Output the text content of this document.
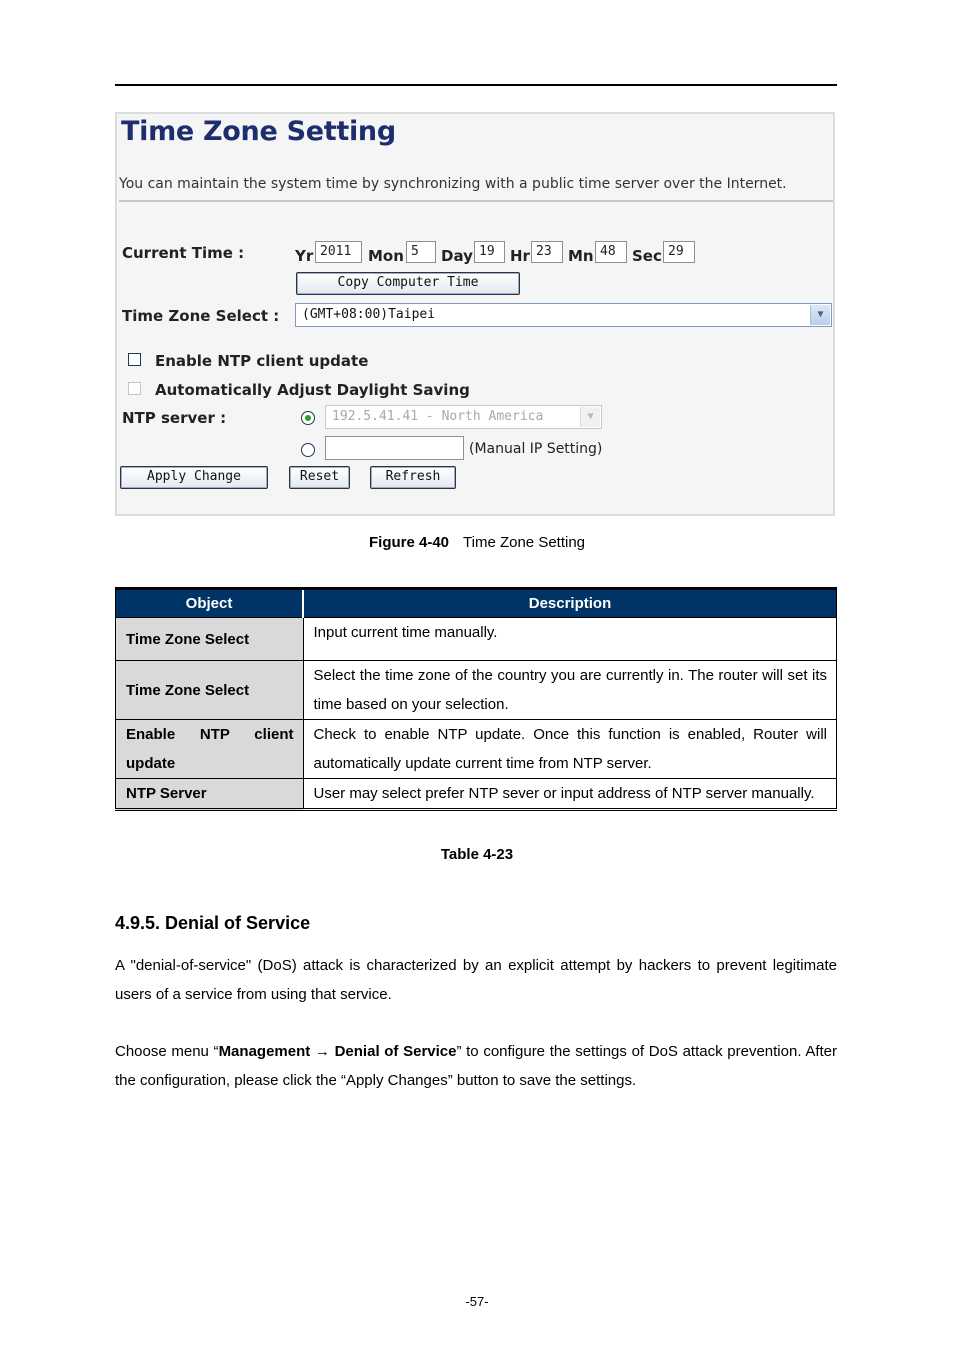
Time Zone Setting
You can maintain the system time by synchronizing with a public time server over the Internet.
Current Time :	Yr 2011	Mon 5	Day 19	Hr 23	Mn 48	Sec 29
Copy Computer Time
Time Zone Select :	(GMT+08:00)Taipei	▼
Enable NTP client update
Automatically Adjust Daylight Saving
NTP server :	192.5.41.41 - North America	▼
(Manual IP Setting)
Apply Change	Reset	Refresh
Figure 4-40 Time Zone Setting
Object	Description
Time Zone Select	Input current time manually.
Time Zone Select	Select the time zone of the country you are currently in. The router will set its time based on your selection.
Enable NTP client update	Check to enable NTP update. Once this function is enabled, Router will automatically update current time from NTP server.
NTP Server	User may select prefer NTP sever or input address of NTP server manually.
Table 4-23
4.9.5. Denial of Service
A "denial-of-service" (DoS) attack is characterized by an explicit attempt by hackers to prevent legitimate users of a service from using that service.
Choose menu “Management → Denial of Service” to configure the settings of DoS attack prevention. After the configuration, please click the “Apply Changes” button to save the settings.
-57-
